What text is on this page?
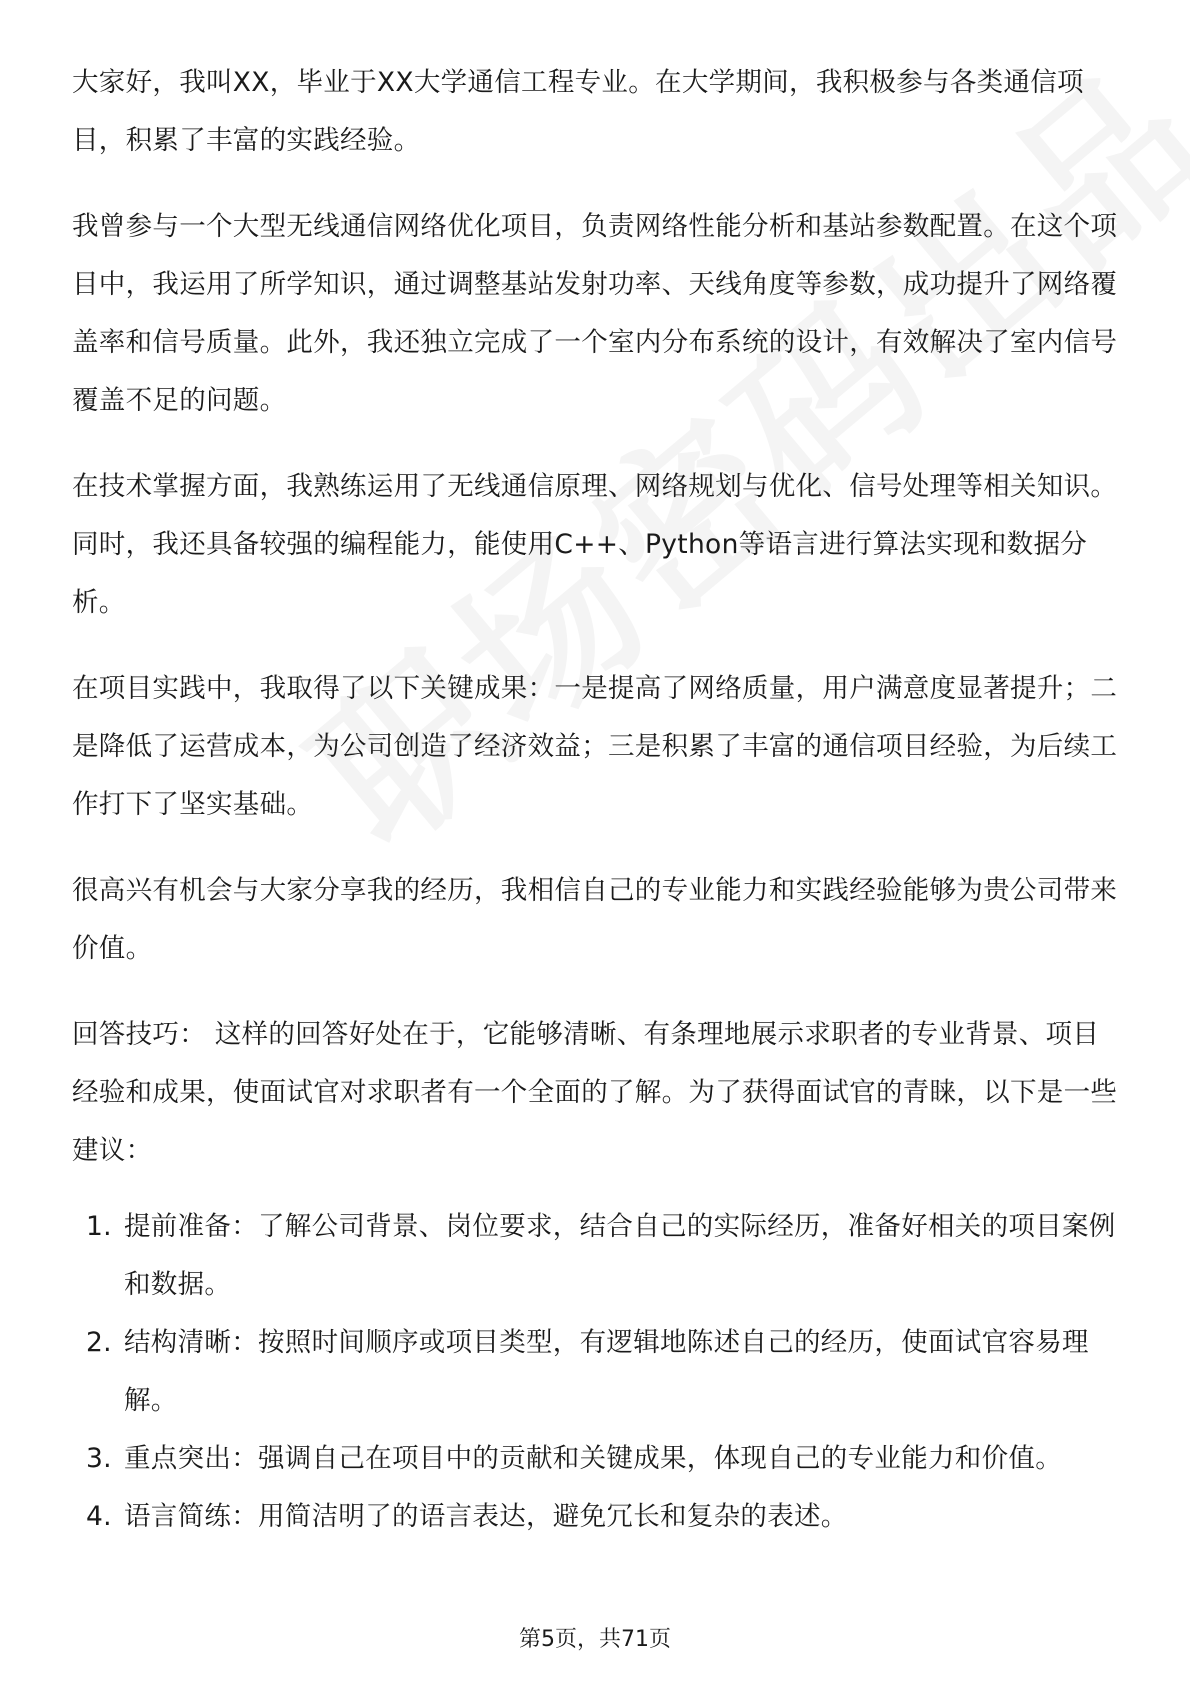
大家好，我叫XX，毕业于XX大学通信工程专业。在大学期间，我积极参与各类通信项目，积累了丰富的实践经验。

我曾参与一个大型无线通信网络优化项目，负责网络性能分析和基站参数配置。在这个项目中，我运用了所学知识，通过调整基站发射功率、天线角度等参数，成功提升了网络覆盖率和信号质量。此外，我还独立完成了一个室内分布系统的设计，有效解决了室内信号覆盖不足的问题。

在技术掌握方面，我熟练运用了无线通信原理、网络规划与优化、信号处理等相关知识。同时，我还具备较强的编程能力，能使用C++、Python等语言进行算法实现和数据分析。

在项目实践中，我取得了以下关键成果：一是提高了网络质量，用户满意度显著提升；二是降低了运营成本，为公司创造了经济效益；三是积累了丰富的通信项目经验，为后续工作打下了坚实基础。

很高兴有机会与大家分享我的经历，我相信自己的专业能力和实践经验能够为贵公司带来价值。

回答技巧： 这样的回答好处在于，它能够清晰、有条理地展示求职者的专业背景、项目经验和成果，使面试官对求职者有一个全面的了解。为了获得面试官的青睐，以下是一些建议：

1. 提前准备：了解公司背景、岗位要求，结合自己的实际经历，准备好相关的项目案例和数据。
2. 结构清晰：按照时间顺序或项目类型，有逻辑地陈述自己的经历，使面试官容易理解。
3. 重点突出：强调自己在项目中的贡献和关键成果，体现自己的专业能力和价值。
4. 语言简练：用简洁明了的语言表达，避免冗长和复杂的表述。
第5页，共71页
